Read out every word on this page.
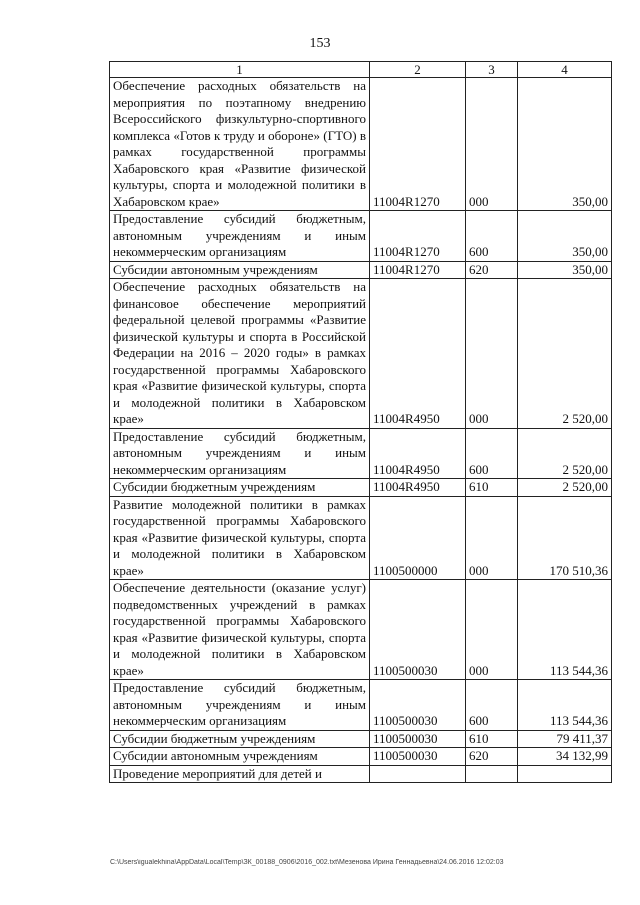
153
1	2	3	4
Обеспечение расходных обязательств на мероприятия по поэтапному внедрению Всероссийского физкультурно-спортивного комплекса «Готов к труду и обороне» (ГТО) в рамках государственной программы Хабаровского края «Развитие физической культуры, спорта и молодежной политики в Хабаровском крае»	11004R1270	000	350,00
Предоставление субсидий бюджетным, автономным учреждениям и иным некоммерческим организациям	11004R1270	600	350,00
Субсидии автономным учреждениям	11004R1270	620	350,00
Обеспечение расходных обязательств на финансовое обеспечение мероприятий федеральной целевой программы «Развитие физической культуры и спорта в Российской Федерации на 2016 – 2020 годы» в рамках государственной программы Хабаровского края «Развитие физической культуры, спорта и молодежной политики в Хабаровском крае»	11004R4950	000	2 520,00
Предоставление субсидий бюджетным, автономным учреждениям и иным некоммерческим организациям	11004R4950	600	2 520,00
Субсидии бюджетным учреждениям	11004R4950	610	2 520,00
Развитие молодежной политики в рамках государственной программы Хабаровского края «Развитие физической культуры, спорта и молодежной политики в Хабаровском крае»	1100500000	000	170 510,36
Обеспечение деятельности (оказание услуг) подведомственных учреждений в рамках государственной программы Хабаровского края «Развитие физической культуры, спорта и молодежной политики в Хабаровском крае»	1100500030	000	113 544,36
Предоставление субсидий бюджетным, автономным учреждениям и иным некоммерческим организациям	1100500030	600	113 544,36
Субсидии бюджетным учреждениям	1100500030	610	79 411,37
Субсидии автономным учреждениям	1100500030	620	34 132,99
Проведение мероприятий для детей и			
C:\Users\igualekhina\AppData\Local\Temp\ЗК_00188_0906\2016_002.txt\Мезенова Ирина Геннадьевна\24.06.2016 12:02:03
